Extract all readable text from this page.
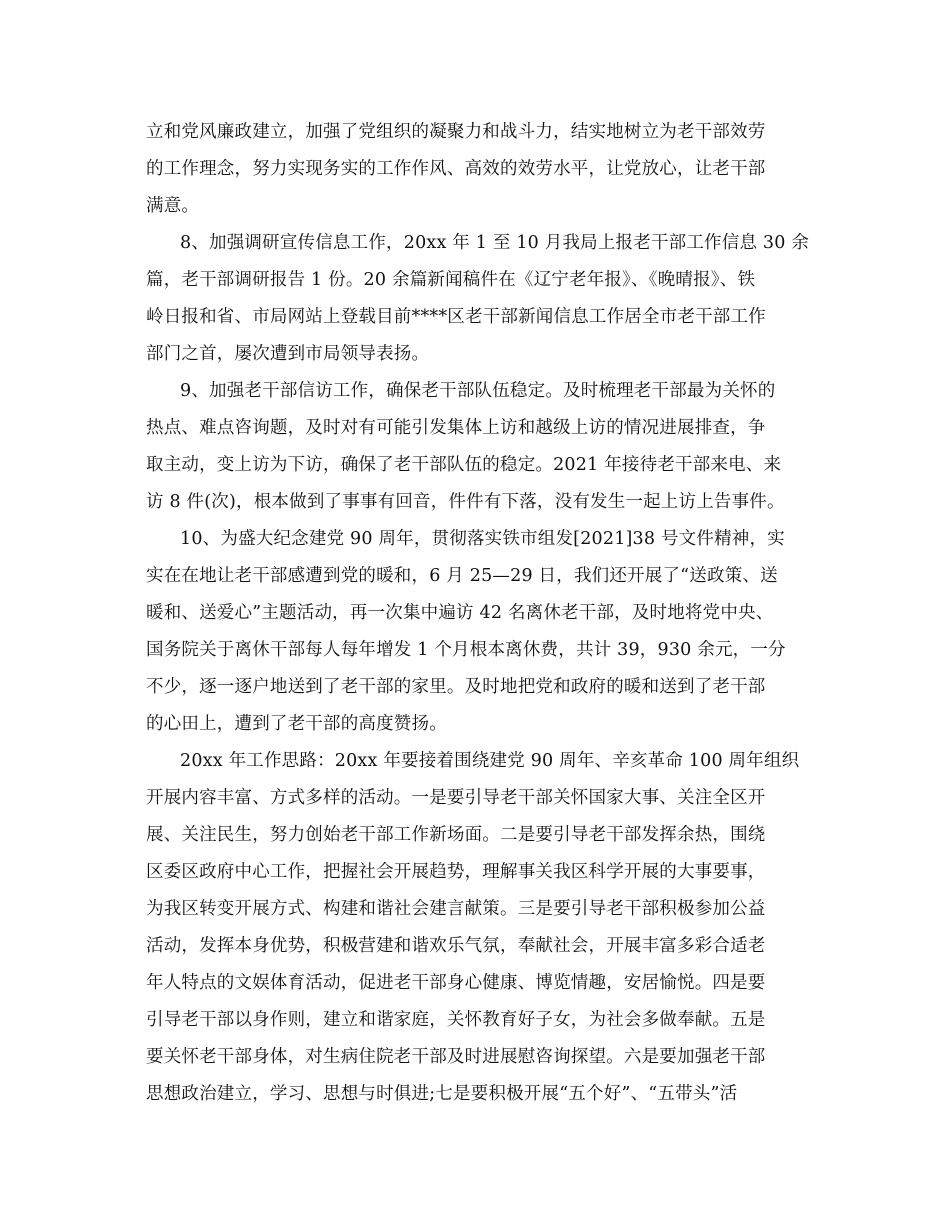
立和党风廉政建立，加强了党组织的凝聚力和战斗力，结实地树立为老干部效劳
的工作理念，努力实现务实的工作作风、高效的效劳水平，让党放心，让老干部
满意。
8、加强调研宣传信息工作，20xx 年 1 至 10 月我局上报老干部工作信息 30 余
篇，老干部调研报告 1 份。20 余篇新闻稿件在《辽宁老年报》、《晚晴报》、铁
岭日报和省、市局网站上登载目前****区老干部新闻信息工作居全市老干部工作
部门之首，屡次遭到市局领导表扬。
9、加强老干部信访工作，确保老干部队伍稳定。及时梳理老干部最为关怀的
热点、难点咨询题，及时对有可能引发集体上访和越级上访的情况进展排查，争
取主动，变上访为下访，确保了老干部队伍的稳定。2021 年接待老干部来电、来
访 8 件(次)，根本做到了事事有回音，件件有下落，没有发生一起上访上告事件。
10、为盛大纪念建党 90 周年，贯彻落实铁市组发[2021]38 号文件精神，实
实在在地让老干部感遭到党的暖和，6 月 25—29 日，我们还开展了“送政策、送
暖和、送爱心”主题活动，再一次集中遍访 42 名离休老干部，及时地将党中央、
国务院关于离休干部每人每年增发 1 个月根本离休费，共计 39，930 余元，一分
不少，逐一逐户地送到了老干部的家里。及时地把党和政府的暖和送到了老干部
的心田上，遭到了老干部的高度赞扬。
20xx 年工作思路：20xx 年要接着围绕建党 90 周年、辛亥革命 100 周年组织
开展内容丰富、方式多样的活动。一是要引导老干部关怀国家大事、关注全区开
展、关注民生，努力创始老干部工作新场面。二是要引导老干部发挥余热，围绕
区委区政府中心工作，把握社会开展趋势，理解事关我区科学开展的大事要事，
为我区转变开展方式、构建和谐社会建言献策。三是要引导老干部积极参加公益
活动，发挥本身优势，积极营建和谐欢乐气氛，奉献社会，开展丰富多彩合适老
年人特点的文娱体育活动，促进老干部身心健康、博览情趣，安居愉悦。四是要
引导老干部以身作则，建立和谐家庭，关怀教育好子女，为社会多做奉献。五是
要关怀老干部身体，对生病住院老干部及时进展慰咨询探望。六是要加强老干部
思想政治建立，学习、思想与时俱进;七是要积极开展“五个好”、“五带头”活
